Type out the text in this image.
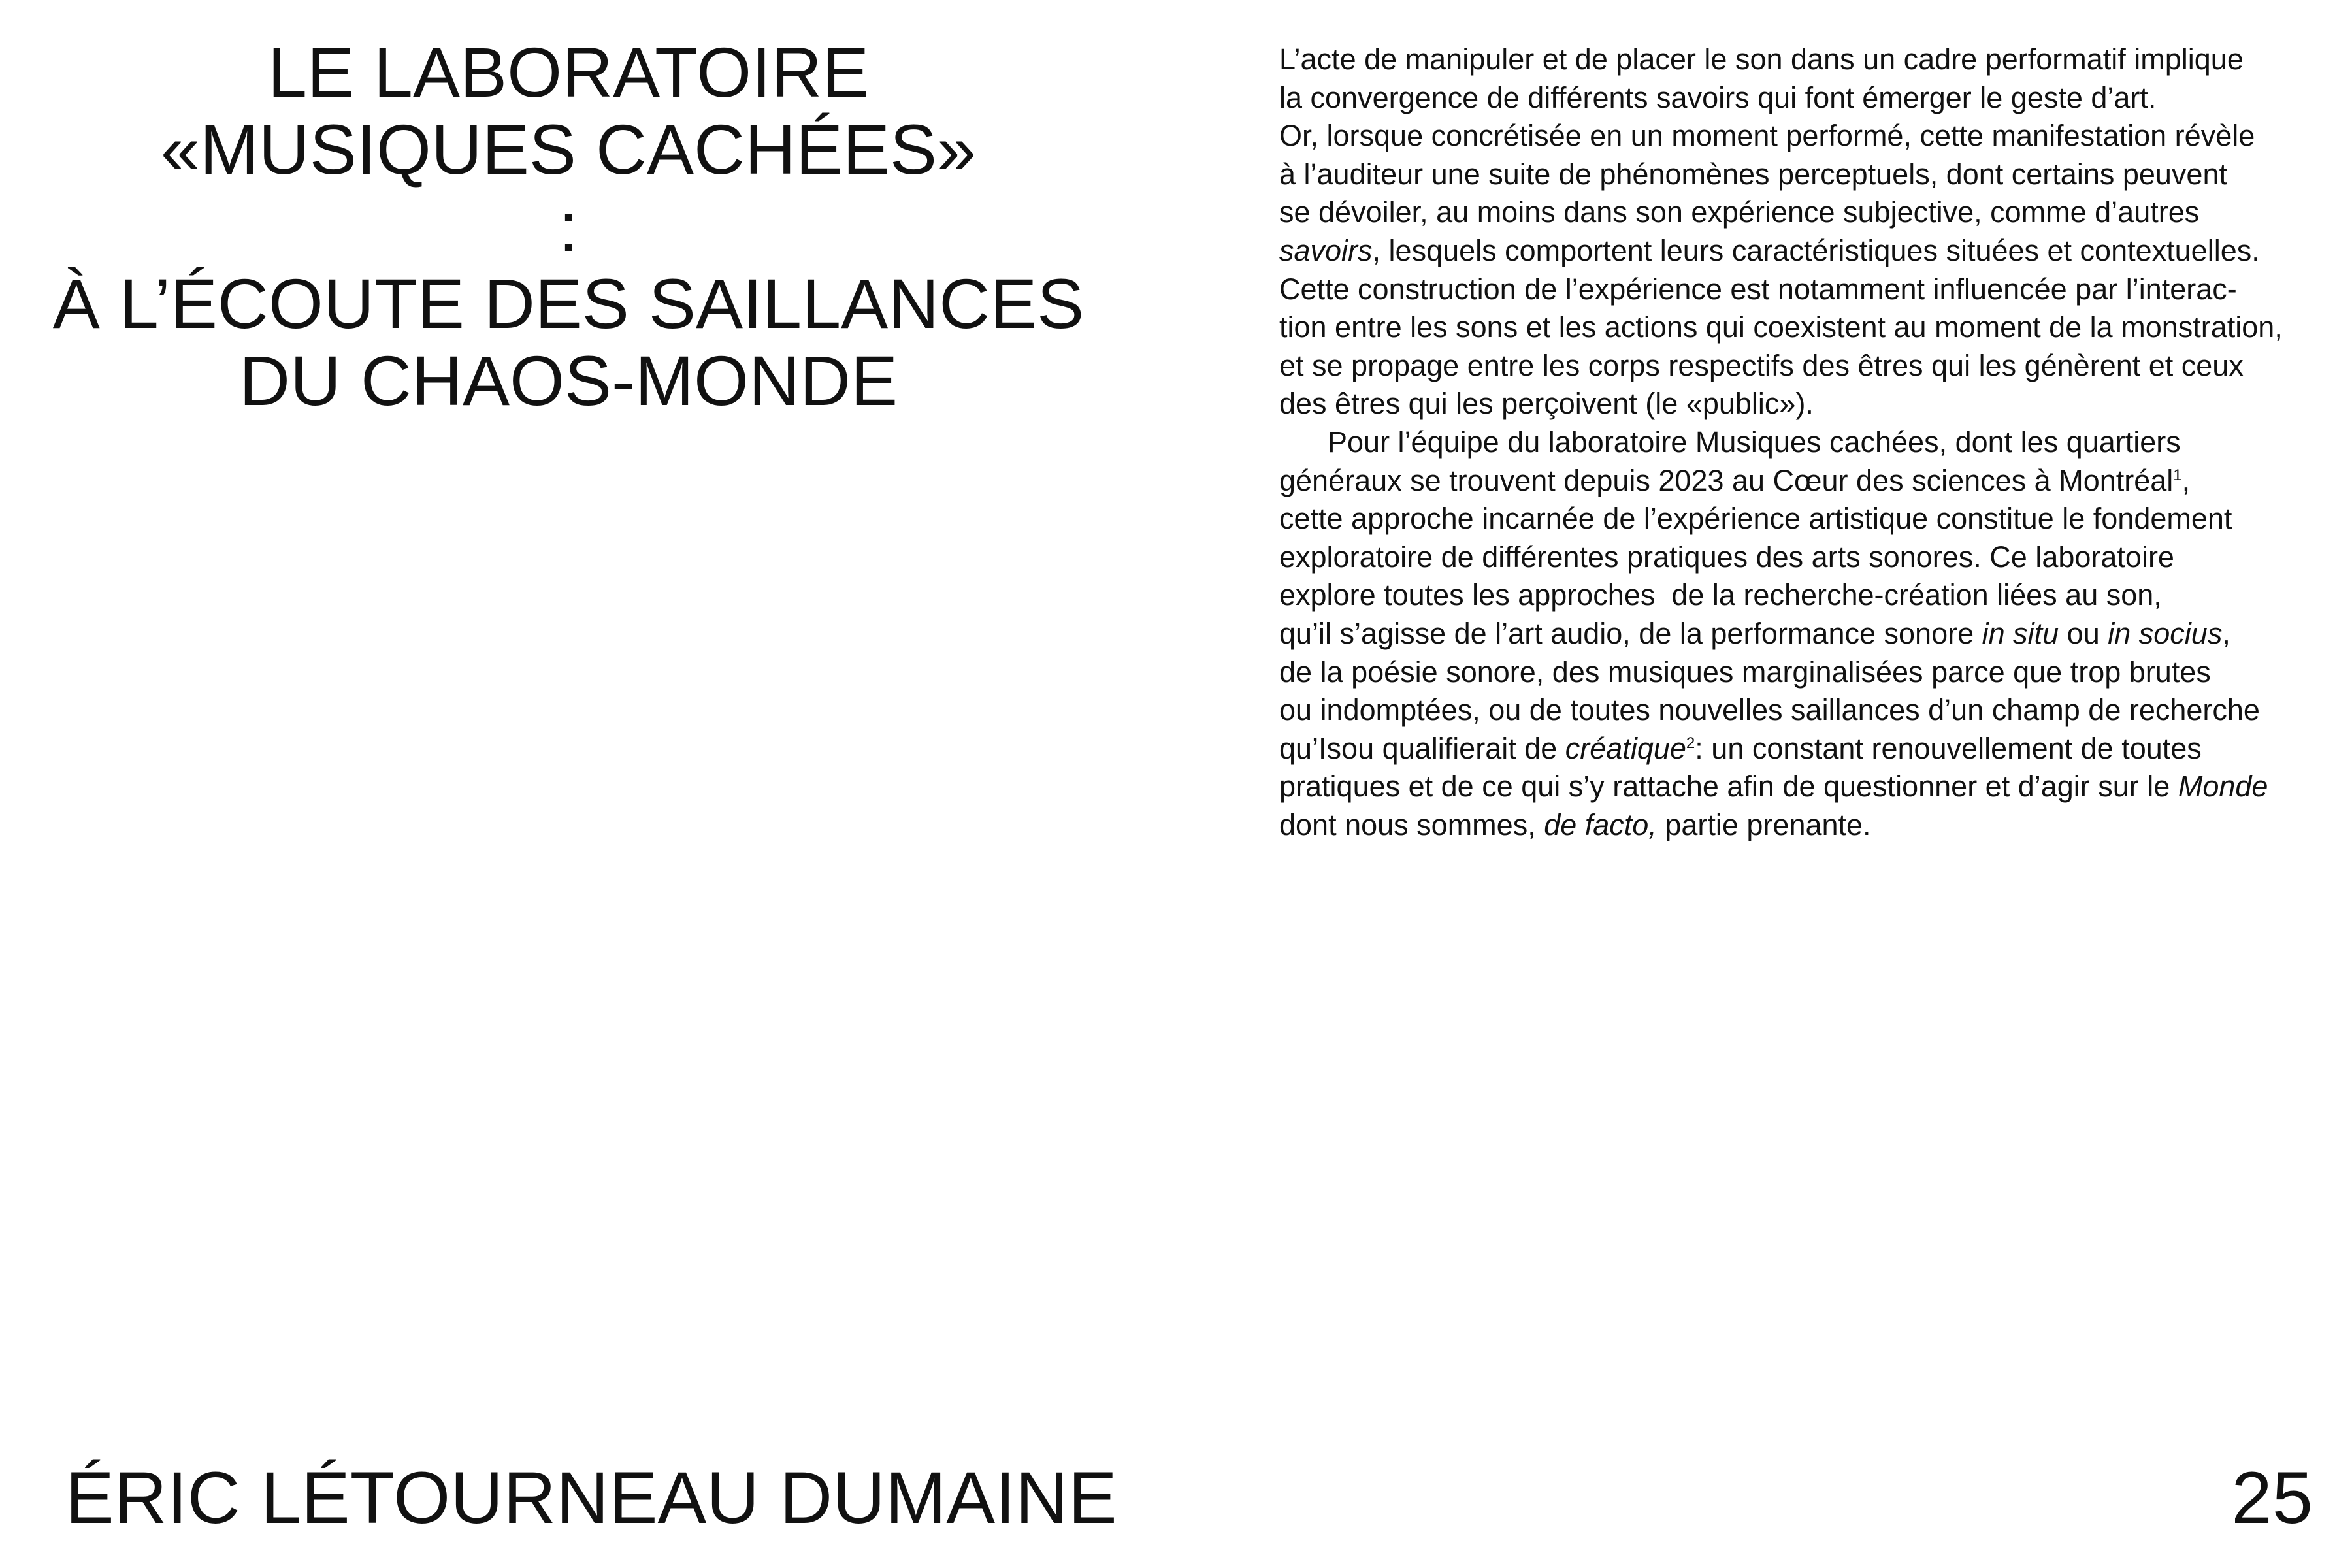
LE LABORATOIRE
«MUSIQUES CACHÉES»
:
À L’ÉCOUTE DES SAILLANCES
DU CHAOS-MONDE
L’acte de manipuler et de placer le son dans un cadre performatif implique
la convergence de différents savoirs qui font émerger le geste d’art.
Or, lorsque concrétisée en un moment performé, cette manifestation révèle
à l’auditeur une suite de phénomènes perceptuels, dont certains peuvent
se dévoiler, au moins dans son expérience subjective, comme d’autres
savoirs, lesquels comportent leurs caractéristiques situées et contextuelles.
Cette construction de l’expérience est notamment influencée par l’interac-
tion entre les sons et les actions qui coexistent au moment de la monstration,
et se propage entre les corps respectifs des êtres qui les génèrent et ceux
des êtres qui les perçoivent (le «public»).
Pour l’équipe du laboratoire Musiques cachées, dont les quartiers
généraux se trouvent depuis 2023 au Cœur des sciences à Montréal$^1$,
cette approche incarnée de l’expérience artistique constitue le fondement
exploratoire de différentes pratiques des arts sonores. Ce laboratoire
explore toutes les approches  de la recherche-création liées au son,
qu’il s’agisse de l’art audio, de la performance sonore in situ ou in socius,
de la poésie sonore, des musiques marginalisées parce que trop brutes
ou indomptées, ou de toutes nouvelles saillances d’un champ de recherche
qu’Isou qualifierait de créatique$^2$: un constant renouvellement de toutes
pratiques et de ce qui s’y rattache afin de questionner et d’agir sur le Monde
dont nous sommes, de facto, partie prenante.
ÉRIC LÉTOURNEAU DUMAINE	25
